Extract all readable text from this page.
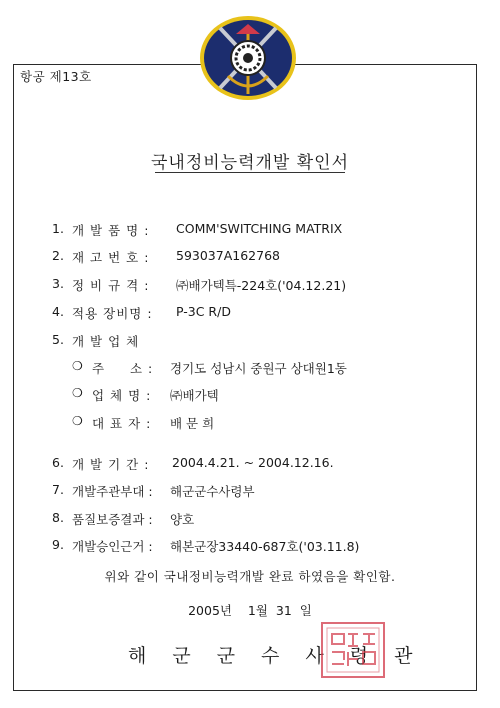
항공 제13호
국내정비능력개발 확인서
1. 개 발 품 명 : COMM'SWITCHING MATRIX
2. 재 고 번 호 : 593037A162768
3. 정 비 규 격 : ㈜배가텍특-224호('04.12.21)
4. 적용 장비명 : P-3C R/D
5. 개 발 업 체
❍ 주     소 : 경기도 성남시 중원구 상대원1동
❍ 업 체 명 : ㈜배가텍
❍ 대 표 자 : 배 문 희
6. 개 발 기 간 : 2004.4.21. ~ 2004.12.16.
7. 개발주관부대 : 해군군수사령부
8. 품질보증결과 : 양호
9. 개발승인근거 : 해본군장33440-687호('03.11.8)
위와 같이 국내정비능력개발 완료 하였음을 확인함.
2005년  1월 31 일
해군군수사령관
